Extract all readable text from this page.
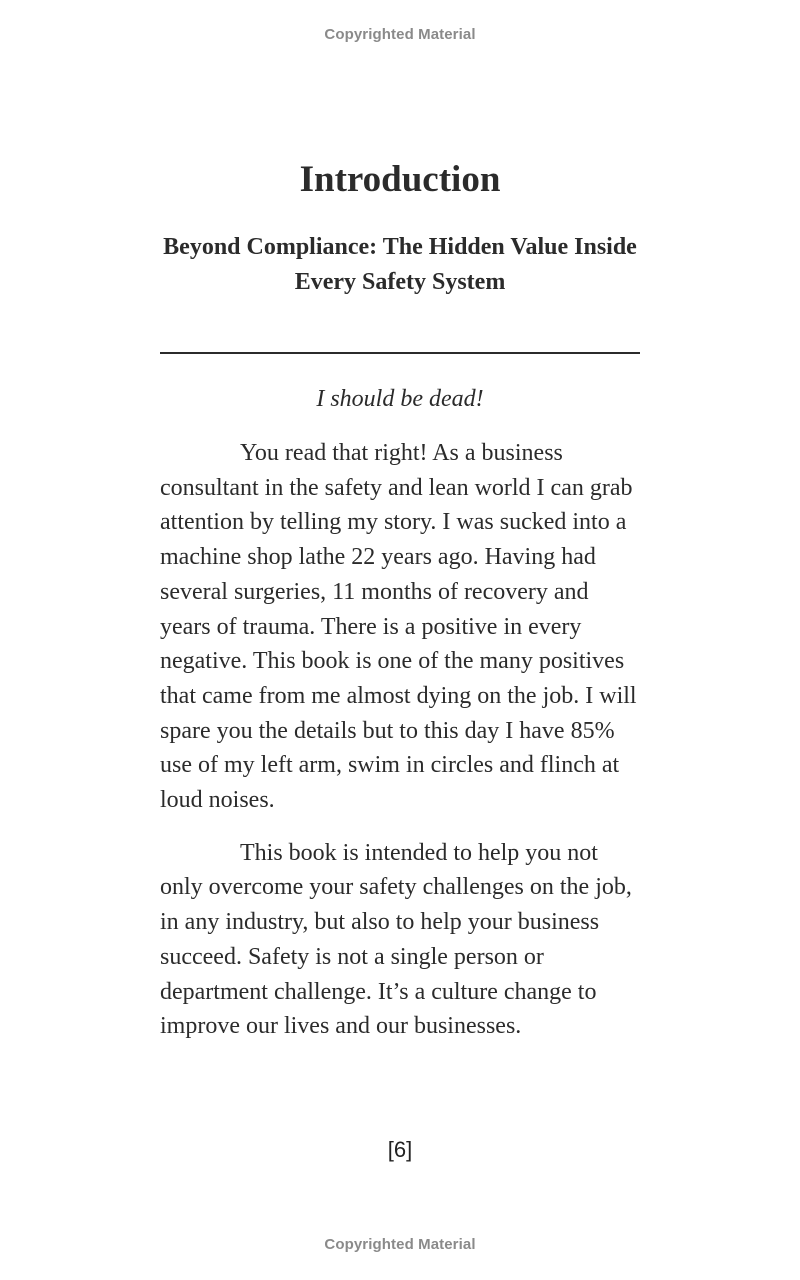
Copyrighted Material
Introduction
Beyond Compliance: The Hidden Value Inside Every Safety System

I should be dead!

You read that right! As a business consultant in the safety and lean world I can grab attention by telling my story. I was sucked into a machine shop lathe 22 years ago. Having had several surgeries, 11 months of recovery and years of trauma. There is a positive in every negative. This book is one of the many positives that came from me almost dying on the job. I will spare you the details but to this day I have 85% use of my left arm, swim in circles and flinch at loud noises.

This book is intended to help you not only overcome your safety challenges on the job, in any industry, but also to help your business succeed. Safety is not a single person or department challenge. It’s a culture change to improve our lives and our businesses.

[6]
Copyrighted Material
